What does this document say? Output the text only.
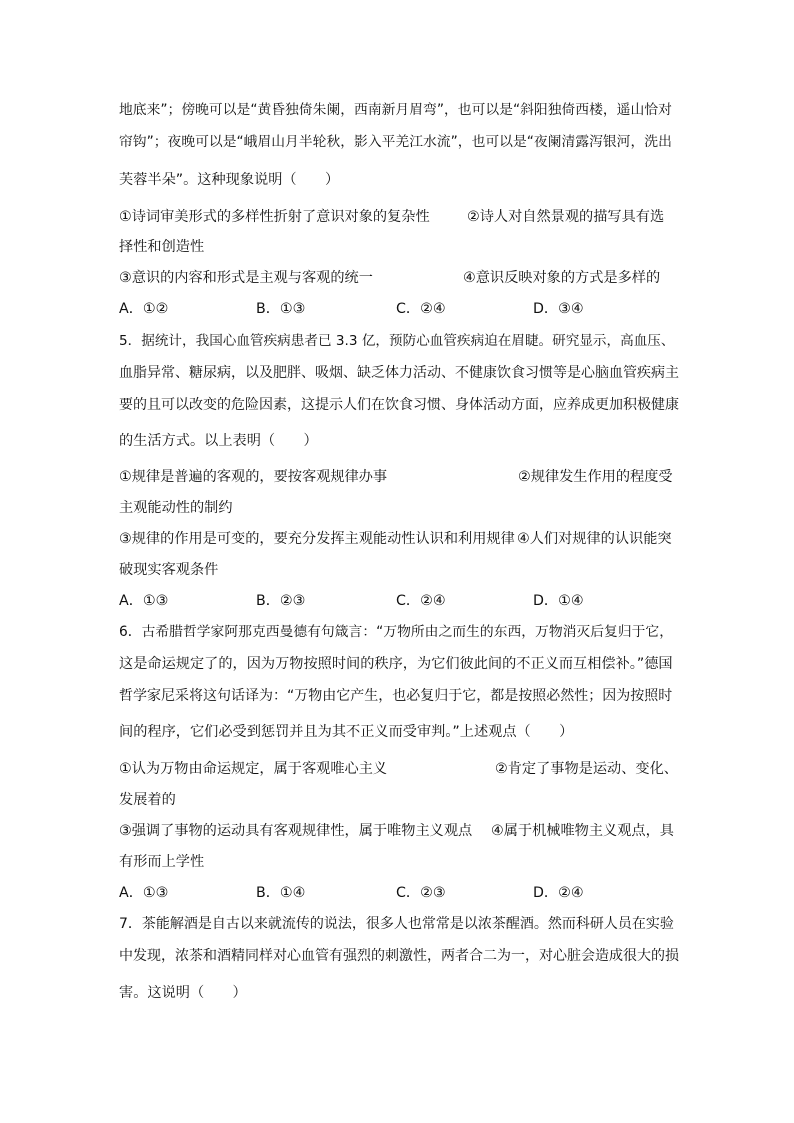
地底来”；傍晚可以是“黄昏独倚朱阑，西南新月眉弯”，也可以是“斜阳独倚西楼，遥山恰对
帘钩”；夜晚可以是“峨眉山月半轮秋，影入平羌江水流”，也可以是“夜阑清露泻银河，洗出
芙蓉半朵”。这种现象说明（　　）
①诗词审美形式的多样性折射了意识对象的复杂性	②诗人对自然景观的描写具有选
择性和创造性
③意识的内容和形式是主观与客观的统一	④意识反映对象的方式是多样的
A．①②	B．①③	C．②④	D．③④
5．据统计，我国心血管疾病患者已 3.3 亿，预防心血管疾病迫在眉睫。研究显示，高血压、
血脂异常、糖尿病，以及肥胖、吸烟、缺乏体力活动、不健康饮食习惯等是心脑血管疾病主
要的且可以改变的危险因素，这提示人们在饮食习惯、身体活动方面，应养成更加积极健康
的生活方式。以上表明（　　）
①规律是普遍的客观的，要按客观规律办事	②规律发生作用的程度受
主观能动性的制约
③规律的作用是可变的，要充分发挥主观能动性认识和利用规律 ④人们对规律的认识能突
破现实客观条件
A．①③	B．②③	C．②④	D．①④
6．古希腊哲学家阿那克西曼德有句箴言：“万物所由之而生的东西，万物消灭后复归于它，
这是命运规定了的，因为万物按照时间的秩序，为它们彼此间的不正义而互相偿补。”德国
哲学家尼采将这句话译为：“万物由它产生，也必复归于它，都是按照必然性；因为按照时
间的程序，它们必受到惩罚并且为其不正义而受审判。”上述观点（　　）
①认为万物由命运规定，属于客观唯心主义	②肯定了事物是运动、变化、
发展着的
③强调了事物的运动具有客观规律性，属于唯物主义观点 ④属于机械唯物主义观点，具
有形而上学性
A．①③	B．①④	C．②③	D．②④
7．茶能解酒是自古以来就流传的说法，很多人也常常是以浓茶醒酒。然而科研人员在实验
中发现，浓茶和酒精同样对心血管有强烈的刺激性，两者合二为一，对心脏会造成很大的损
害。这说明（　　）
